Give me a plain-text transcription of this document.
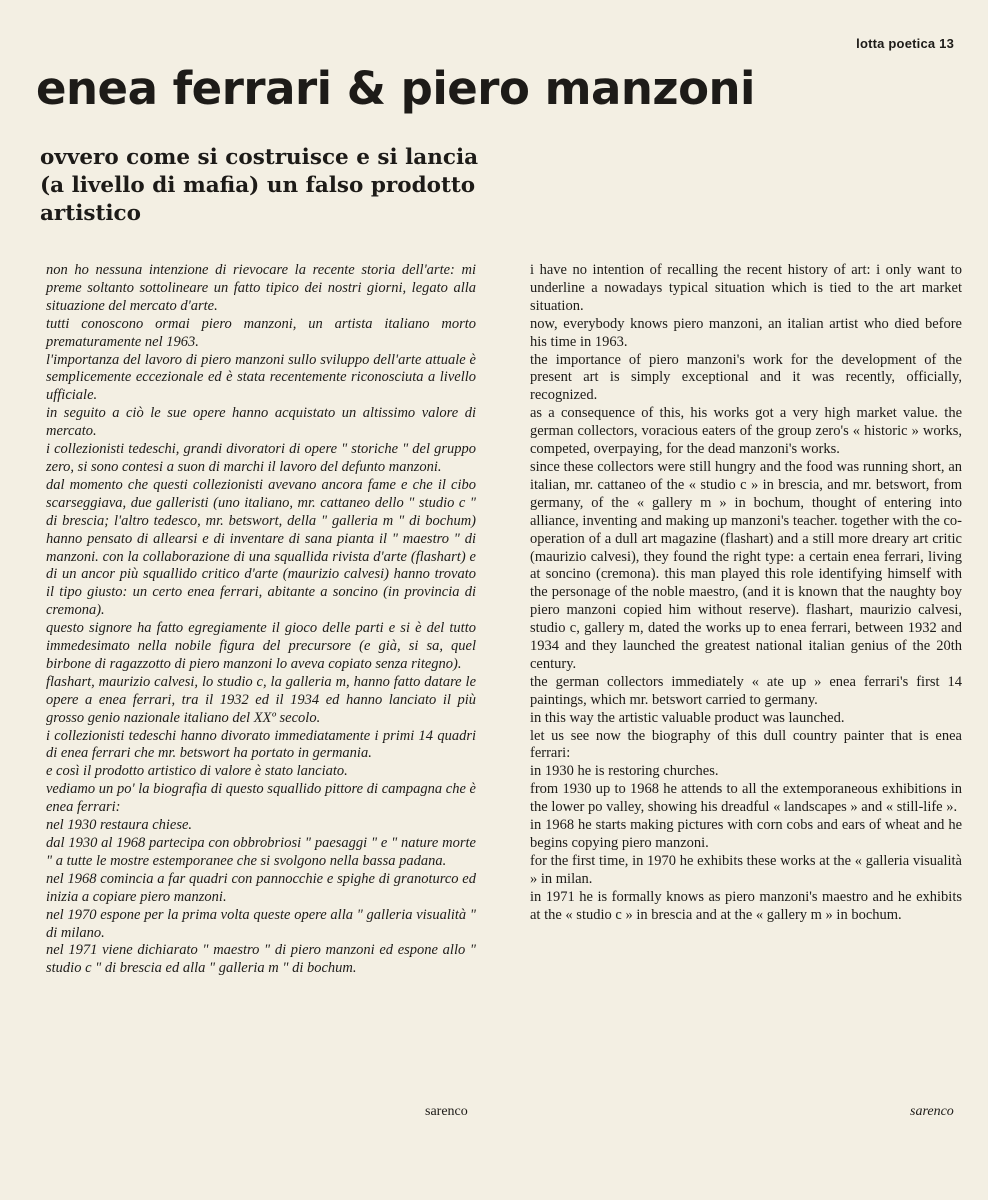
lotta poetica 13
enea ferrari & piero manzoni
ovvero come si costruisce e si lancia (a livello di mafia) un falso prodotto artistico

non ho nessuna intenzione di rievocare la recente storia dell'arte: mi preme soltanto sottolineare un fatto tipico dei nostri giorni, legato alla situazione del mercato d'arte.

tutti conoscono ormai piero manzoni, un artista italiano morto prematuramente nel 1963.

l'importanza del lavoro di piero manzoni sullo sviluppo dell'arte attuale è semplicemente eccezionale ed è stata recentemente riconosciuta a livello ufficiale.

in seguito a ciò le sue opere hanno acquistato un altissimo valore di mercato.

i collezionisti tedeschi, grandi divoratori di opere " storiche " del gruppo zero, si sono contesi a suon di marchi il lavoro del defunto manzoni.

dal momento che questi collezionisti avevano ancora fame e che il cibo scarseggiava, due galleristi (uno italiano, mr. cattaneo dello " studio c " di brescia; l'altro tedesco, mr. betswort, della " galleria m " di bochum) hanno pensato di allearsi e di inventare di sana pianta il " maestro " di manzoni. con la collaborazione di una squallida rivista d'arte (flashart) e di un ancor più squallido critico d'arte (maurizio calvesi) hanno trovato il tipo giusto: un certo enea ferrari, abitante a soncino (in provincia di cremona).

questo signore ha fatto egregiamente il gioco delle parti e si è del tutto immedesimato nella nobile figura del precursore (e già, si sa, quel birbone di ragazzotto di piero manzoni lo aveva copiato senza ritegno).

flashart, maurizio calvesi, lo studio c, la galleria m, hanno fatto datare le opere a enea ferrari, tra il 1932 ed il 1934 ed hanno lanciato il più grosso genio nazionale italiano del XXº secolo.

i collezionisti tedeschi hanno divorato immediatamente i primi 14 quadri di enea ferrari che mr. betswort ha portato in germania.

e così il prodotto artistico di valore è stato lanciato.

vediamo un po' la biografia di questo squallido pittore di campagna che è enea ferrari:

nel 1930 restaura chiese.

dal 1930 al 1968 partecipa con obbrobriosi " paesaggi " e " nature morte " a tutte le mostre estemporanee che si svolgono nella bassa padana.

nel 1968 comincia a far quadri con pannocchie e spighe di granoturco ed inizia a copiare piero manzoni.

nel 1970 espone per la prima volta queste opere alla " galleria visualità " di milano.

nel 1971 viene dichiarato " maestro " di piero manzoni ed espone allo " studio c " di brescia ed alla " galleria m " di bochum.

i have no intention of recalling the recent history of art: i only want to underline a nowadays typical situation which is tied to the art market situation.

now, everybody knows piero manzoni, an italian artist who died before his time in 1963.

the importance of piero manzoni's work for the development of the present art is simply exceptional and it was recently, officially, recognized.

as a consequence of this, his works got a very high market value. the german collectors, voracious eaters of the group zero's « historic » works, competed, overpaying, for the dead manzoni's works.

since these collectors were still hungry and the food was running short, an italian, mr. cattaneo of the « studio c » in brescia, and mr. betswort, from germany, of the « gallery m » in bochum, thought of entering into alliance, inventing and making up manzoni's teacher. together with the co-operation of a dull art magazine (flashart) and a still more dreary art critic (maurizio calvesi), they found the right type: a certain enea ferrari, living at soncino (cremona). this man played this role identifying himself with the personage of the noble maestro, (and it is known that the naughty boy piero manzoni copied him without reserve). flashart, maurizio calvesi, studio c, gallery m, dated the works up to enea ferrari, between 1932 and 1934 and they launched the greatest national italian genius of the 20th century.

the german collectors immediately « ate up » enea ferrari's first 14 paintings, which mr. betswort carried to germany.

in this way the artistic valuable product was launched.

let us see now the biography of this dull country painter that is enea ferrari:

in 1930 he is restoring churches.

from 1930 up to 1968 he attends to all the extemporaneous exhibitions in the lower po valley, showing his dreadful « landscapes » and « still-life ».

in 1968 he starts making pictures with corn cobs and ears of wheat and he begins copying piero manzoni.

for the first time, in 1970 he exhibits these works at the « galleria visualità » in milan.

in 1971 he is formally knows as piero manzoni's maestro and he exhibits at the « studio c » in brescia and at the « gallery m » in bochum.

sarenco	sarenco
